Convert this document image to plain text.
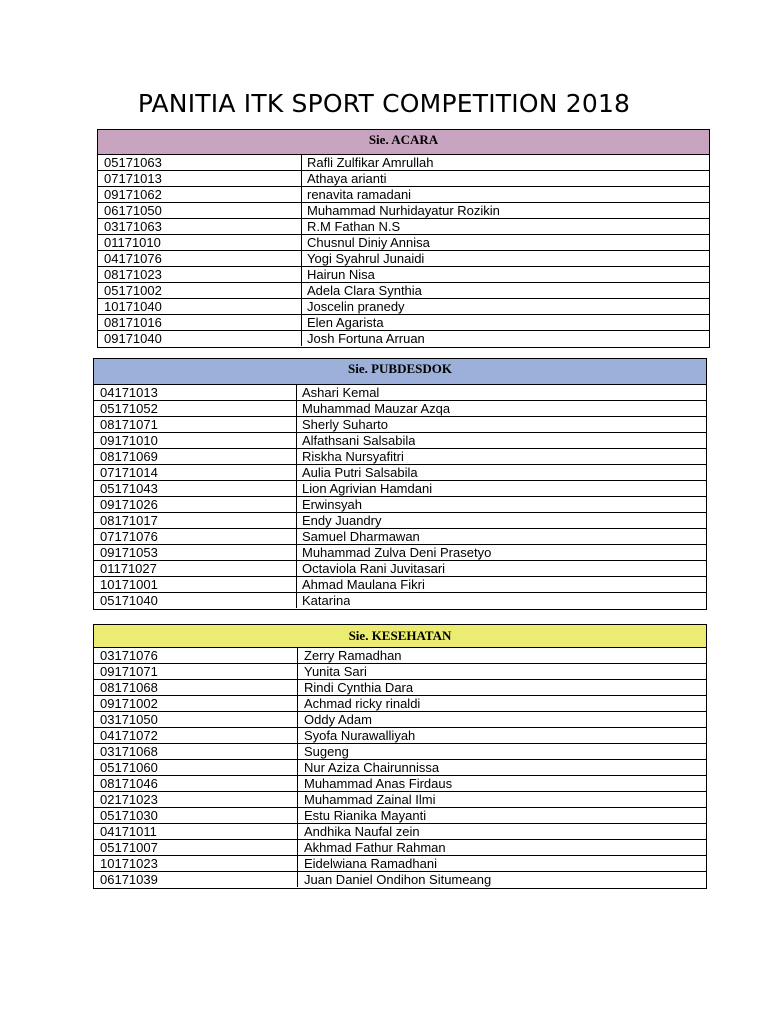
PANITIA ITK SPORT COMPETITION 2018
Sie. ACARA
05171063	Rafli Zulfikar Amrullah
07171013	Athaya arianti
09171062	renavita ramadani
06171050	Muhammad Nurhidayatur Rozikin
03171063	R.M Fathan N.S
01171010	Chusnul Diniy Annisa
04171076	Yogi Syahrul Junaidi
08171023	Hairun Nisa
05171002	Adela Clara Synthia
10171040	Joscelin pranedy
08171016	Elen Agarista
09171040	Josh Fortuna Arruan
Sie. PUBDESDOK
04171013	Ashari Kemal
05171052	Muhammad Mauzar Azqa
08171071	Sherly Suharto
09171010	Alfathsani Salsabila
08171069	Riskha Nursyafitri
07171014	Aulia Putri Salsabila
05171043	Lion Agrivian Hamdani
09171026	Erwinsyah
08171017	Endy Juandry
07171076	Samuel Dharmawan
09171053	Muhammad Zulva Deni Prasetyo
01171027	Octaviola Rani Juvitasari
10171001	Ahmad Maulana Fikri
05171040	Katarina
Sie. KESEHATAN
03171076	Zerry Ramadhan
09171071	Yunita Sari
08171068	Rindi Cynthia Dara
09171002	Achmad ricky rinaldi
03171050	Oddy Adam
04171072	Syofa Nurawalliyah
03171068	Sugeng
05171060	Nur Aziza Chairunnissa
08171046	Muhammad Anas Firdaus
02171023	Muhammad Zainal Ilmi
05171030	Estu Rianika Mayanti
04171011	Andhika Naufal zein
05171007	Akhmad Fathur Rahman
10171023	Eidelwiana Ramadhani
06171039	Juan Daniel Ondihon Situmeang
